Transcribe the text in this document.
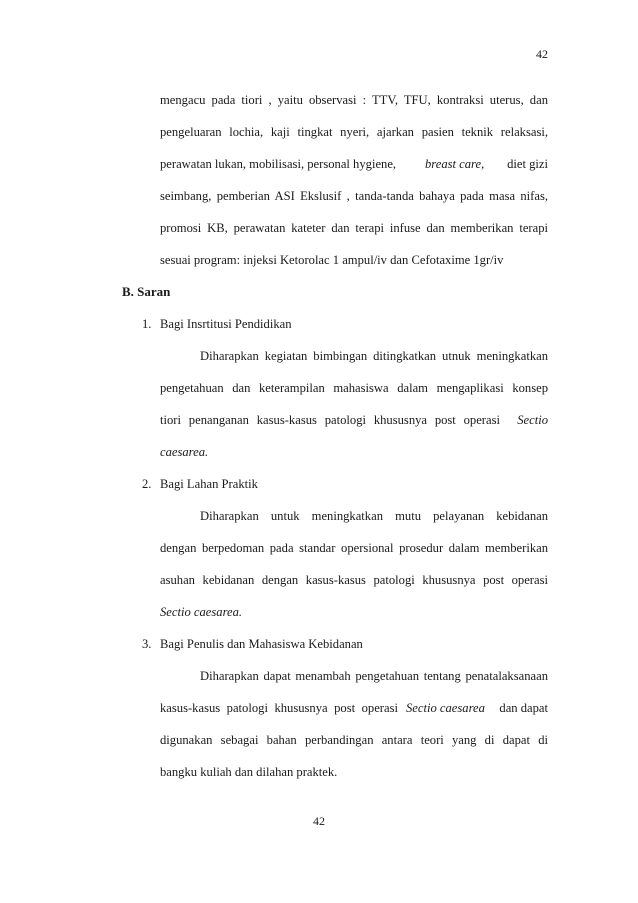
42
mengacu pada tiori , yaitu observasi : TTV, TFU, kontraksi uterus, dan
pengeluaran lochia, kaji tingkat nyeri, ajarkan pasien teknik relaksasi,
perawatan lukan, mobilisasi, personal hygiene, breast care, diet gizi
seimbang, pemberian ASI Ekslusif , tanda-tanda bahaya pada masa nifas,
promosi KB, perawatan kateter dan terapi infuse dan memberikan terapi
sesuai program: injeksi Ketorolac 1 ampul/iv dan Cefotaxime 1gr/iv
B. Saran
1. Bagi Insrtitusi Pendidikan
Diharapkan kegiatan bimbingan ditingkatkan utnuk meningkatkan
pengetahuan dan keterampilan mahasiswa dalam mengaplikasi konsep
tiori penanganan kasus-kasus patologi khususnya post operasi Sectio
caesarea.
2. Bagi Lahan Praktik
Diharapkan untuk meningkatkan mutu pelayanan kebidanan
dengan berpedoman pada standar opersional prosedur dalam memberikan
asuhan kebidanan dengan kasus-kasus patologi khususnya post operasi
Sectio caesarea.
3. Bagi Penulis dan Mahasiswa Kebidanan
Diharapkan dapat menambah pengetahuan tentang penatalaksanaan
kasus-kasus patologi khususnya post operasi Sectio caesarea dan dapat
digunakan sebagai bahan perbandingan antara teori yang di dapat di
bangku kuliah dan dilahan praktek.
42
